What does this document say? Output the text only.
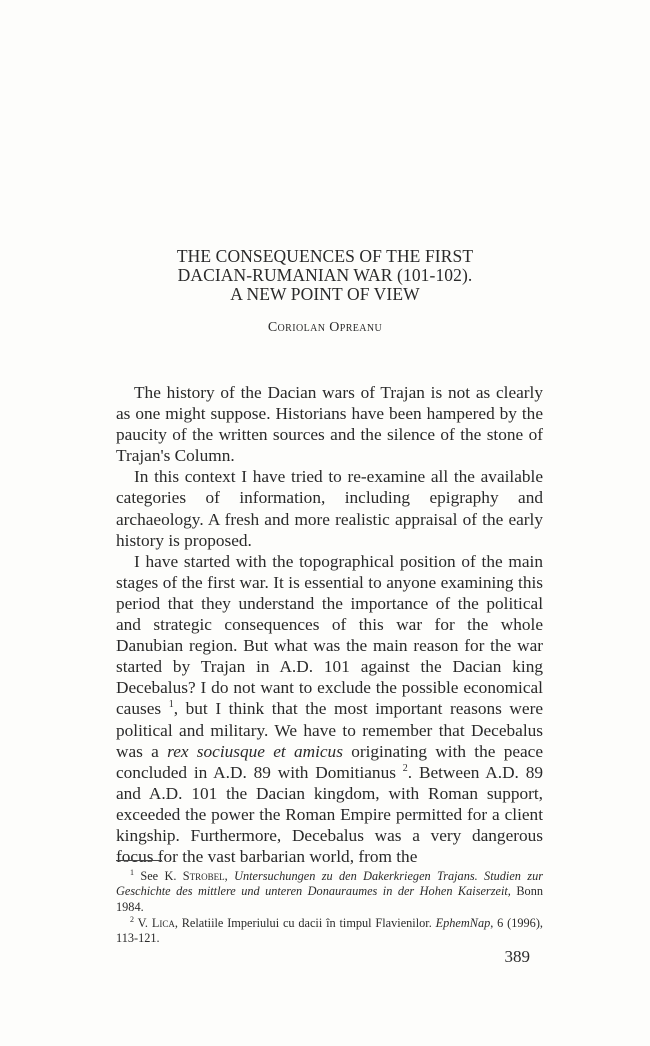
THE CONSEQUENCES OF THE FIRST
DACIAN-RUMANIAN WAR (101-102).
A NEW POINT OF VIEW
Coriolan Opreanu

The history of the Dacian wars of Trajan is not as clearly as one might suppose. Historians have been hampered by the paucity of the written sources and the silence of the stone of Trajan's Column.

In this context I have tried to re-examine all the available categories of information, including epigraphy and archaeology. A fresh and more realistic appraisal of the early history is proposed.

I have started with the topographical position of the main stages of the first war. It is essential to anyone examining this period that they understand the importance of the political and strategic consequences of this war for the whole Danubian region. But what was the main reason for the war started by Trajan in A.D. 101 against the Dacian king Decebalus? I do not want to exclude the possible economical causes $^1$, but I think that the most important reasons were political and military. We have to remember that Decebalus was a rex sociusque et amicus originating with the peace concluded in A.D. 89 with Domitianus $^2$. Between A.D. 89 and A.D. 101 the Dacian kingdom, with Roman support, exceeded the power the Roman Empire permitted for a client kingship. Furthermore, Decebalus was a very dangerous focus for the vast barbarian world, from the

$^1$ See K. Strobel, Untersuchungen zu den Dakerkriegen Trajans. Studien zur Geschichte des mittlere und unteren Donauraumes in der Hohen Kaiserzeit, Bonn 1984.

$^2$ V. Lica, Relatiile Imperiului cu dacii în timpul Flavienilor. EphemNap, 6 (1996), 113-121.

389
